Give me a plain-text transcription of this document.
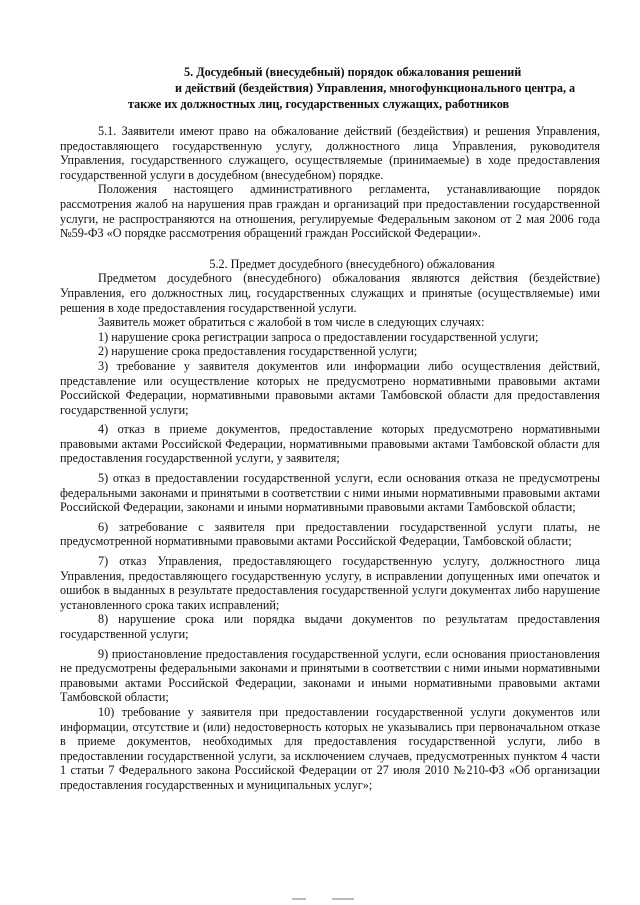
5. Досудебный (внесудебный) порядок обжалования решений
и действий (бездействия) Управления, многофункционального центра, а
также их должностных лиц, государственных служащих, работников

5.1. Заявители имеют право на обжалование действий (бездействия) и решения Управления, предоставляющего государственную услугу, должностного лица Управления, руководителя Управления, государственного служащего, осуществляемые (принимаемые) в ходе предоставления государственной услуги в досудебном (внесудебном) порядке.

Положения настоящего административного регламента, устанавливающие порядок рассмотрения жалоб на нарушения прав граждан и организаций при предоставлении государственной услуги, не распространяются на отношения, регулируемые Федеральным законом от 2 мая 2006 года №59-ФЗ «О порядке рассмотрения обращений граждан Российской Федерации».

5.2. Предмет досудебного (внесудебного) обжалования

Предметом досудебного (внесудебного) обжалования являются действия (бездействие) Управления, его должностных лиц, государственных служащих и принятые (осуществляемые) ими решения в ходе предоставления государственной услуги.

Заявитель может обратиться с жалобой в том числе в следующих случаях:

1) нарушение срока регистрации запроса о предоставлении государственной услуги;

2) нарушение срока предоставления государственной услуги;

3) требование у заявителя документов или информации либо осуществления действий, представление или осуществление которых не предусмотрено нормативными правовыми актами Российской Федерации, нормативными правовыми актами Тамбовской области для предоставления государственной услуги;

4) отказ в приеме документов, предоставление которых предусмотрено нормативными правовыми актами Российской Федерации, нормативными правовыми актами Тамбовской области для предоставления государственной услуги, у заявителя;

5) отказ в предоставлении государственной услуги, если основания отказа не предусмотрены федеральными законами и принятыми в соответствии с ними иными нормативными правовыми актами Российской Федерации, законами и иными нормативными правовыми актами Тамбовской области;

6) затребование с заявителя при предоставлении государственной услуги платы, не предусмотренной нормативными правовыми актами Российской Федерации, Тамбовской области;

7) отказ Управления, предоставляющего государственную услугу, должностного лица Управления, предоставляющего государственную услугу, в исправлении допущенных ими опечаток и ошибок в выданных в результате предоставления государственной услуги документах либо нарушение установленного срока таких исправлений;

8) нарушение срока или порядка выдачи документов по результатам предоставления государственной услуги;

9) приостановление предоставления государственной услуги, если основания приостановления не предусмотрены федеральными законами и принятыми в соответствии с ними иными нормативными правовыми актами Российской Федерации, законами и иными нормативными правовыми актами Тамбовской области;

10) требование у заявителя при предоставлении государственной услуги документов или информации, отсутствие и (или) недостоверность которых не указывались при первоначальном отказе в приеме документов, необходимых для предоставления государственной услуги, либо в предоставлении государственной услуги, за исключением случаев, предусмотренных пунктом 4 части 1 статьи 7 Федерального закона Российской Федерации от 27 июля 2010 №210-ФЗ «Об организации предоставления государственных и муниципальных услуг»;
